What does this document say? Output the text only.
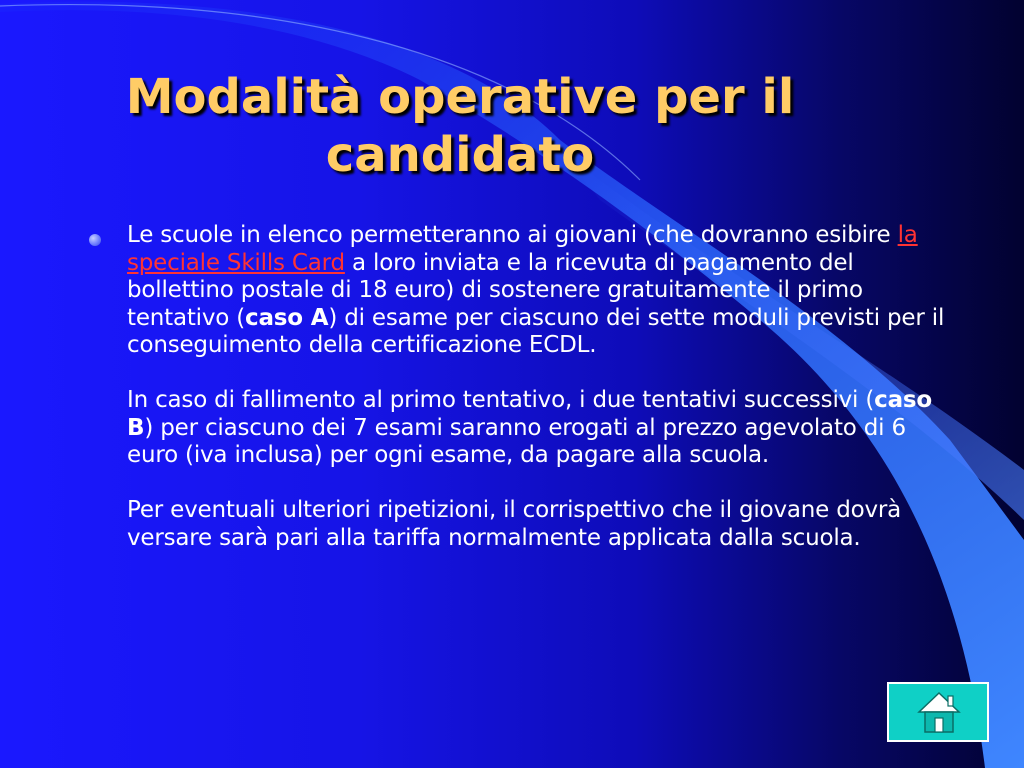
Modalità operative per il candidato

Le scuole in elenco permetteranno ai giovani (che dovranno esibire la speciale Skills Card a loro inviata e la ricevuta di pagamento del bollettino postale di 18 euro) di sostenere gratuitamente il primo tentativo (caso A) di esame per ciascuno dei sette moduli previsti per il conseguimento della certificazione ECDL.

In caso di fallimento al primo tentativo, i due tentativi successivi (caso B) per ciascuno dei 7 esami saranno erogati al prezzo agevolato di 6 euro (iva inclusa) per ogni esame, da pagare alla scuola.

Per eventuali ulteriori ripetizioni, il corrispettivo che il giovane dovrà versare sarà pari alla tariffa normalmente applicata dalla scuola.
